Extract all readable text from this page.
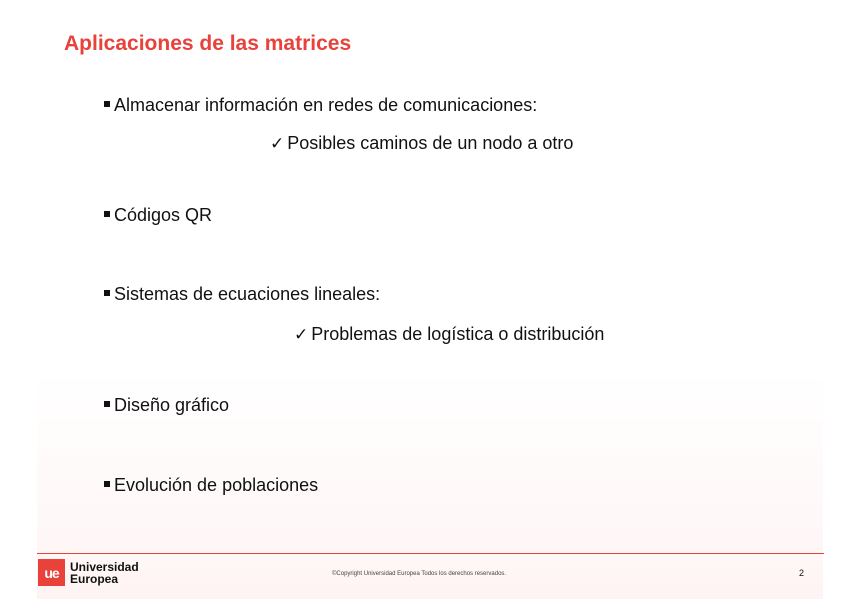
Aplicaciones de las matrices
Almacenar información en redes de comunicaciones:
✓ Posibles caminos de un nodo a otro
Códigos QR
Sistemas de ecuaciones lineales:
✓ Problemas de logística o distribución
Diseño gráfico
Evolución de poblaciones
ue Universidad
Europea	©Copyright Universidad Europea Todos los derechos reservados.	2
